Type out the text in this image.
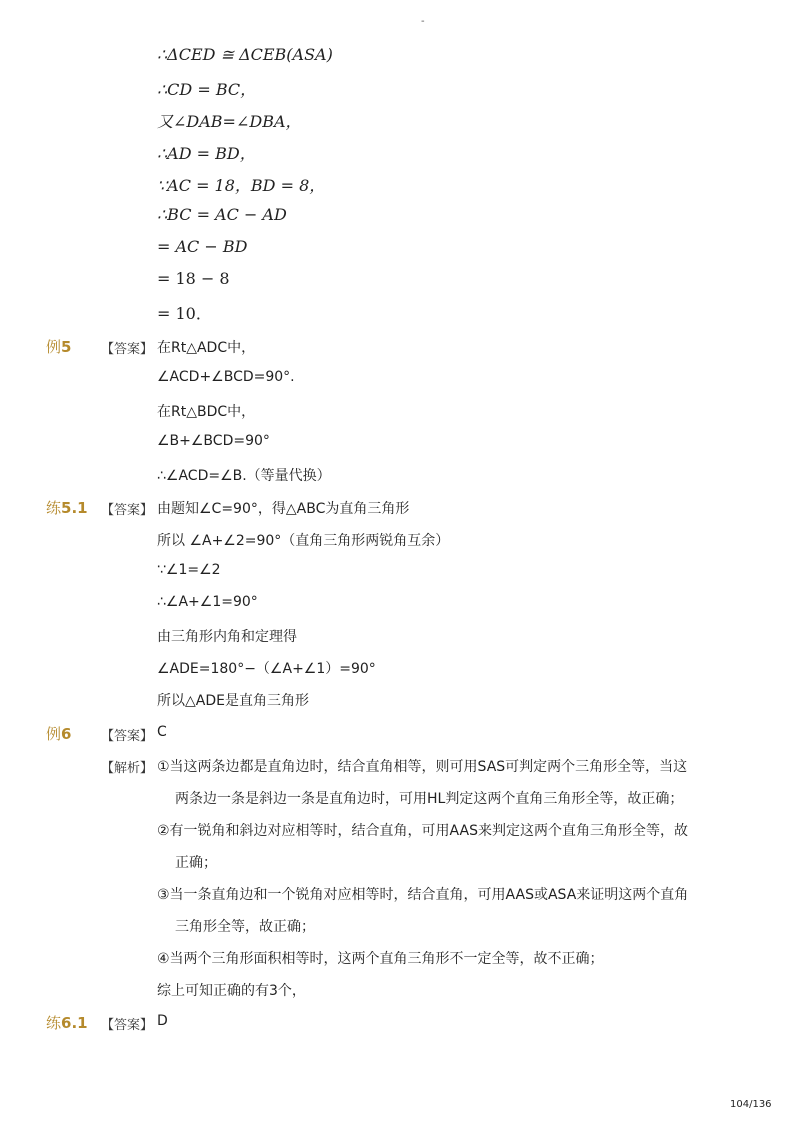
-
∴ΔCED ≅ ΔCEB(ASA)
∴CD = BC，
又∠DAB=∠DBA，
∴AD = BD，
∵AC = 18，BD = 8，
∴BC = AC − AD
= AC − BD
= 18 − 8
= 10．
例5 【答案】 在Rt△ADC中，
∠ACD+∠BCD=90°.
在Rt△BDC中，
∠B+∠BCD=90°
∴∠ACD=∠B.（等量代换）
练5.1 【答案】 由题知∠C=90°，得△ABC为直角三角形
所以 ∠A+∠2=90°（直角三角形两锐角互余）
∵∠1=∠2
∴∠A+∠1=90°
由三角形内角和定理得
∠ADE=180°−（∠A+∠1）=90°
所以△ADE是直角三角形
例6 【答案】 C
【解析】 ①当这两条边都是直角边时，结合直角相等，则可用SAS可判定两个三角形全等，当这
两条边一条是斜边一条是直角边时，可用HL判定这两个直角三角形全等，故正确；
②有一锐角和斜边对应相等时，结合直角，可用AAS来判定这两个直角三角形全等，故
正确；
③当一条直角边和一个锐角对应相等时，结合直角，可用AAS或ASA来证明这两个直角
三角形全等，故正确；
④当两个三角形面积相等时，这两个直角三角形不一定全等，故不正确；
综上可知正确的有3个，
练6.1 【答案】 D
104/136
